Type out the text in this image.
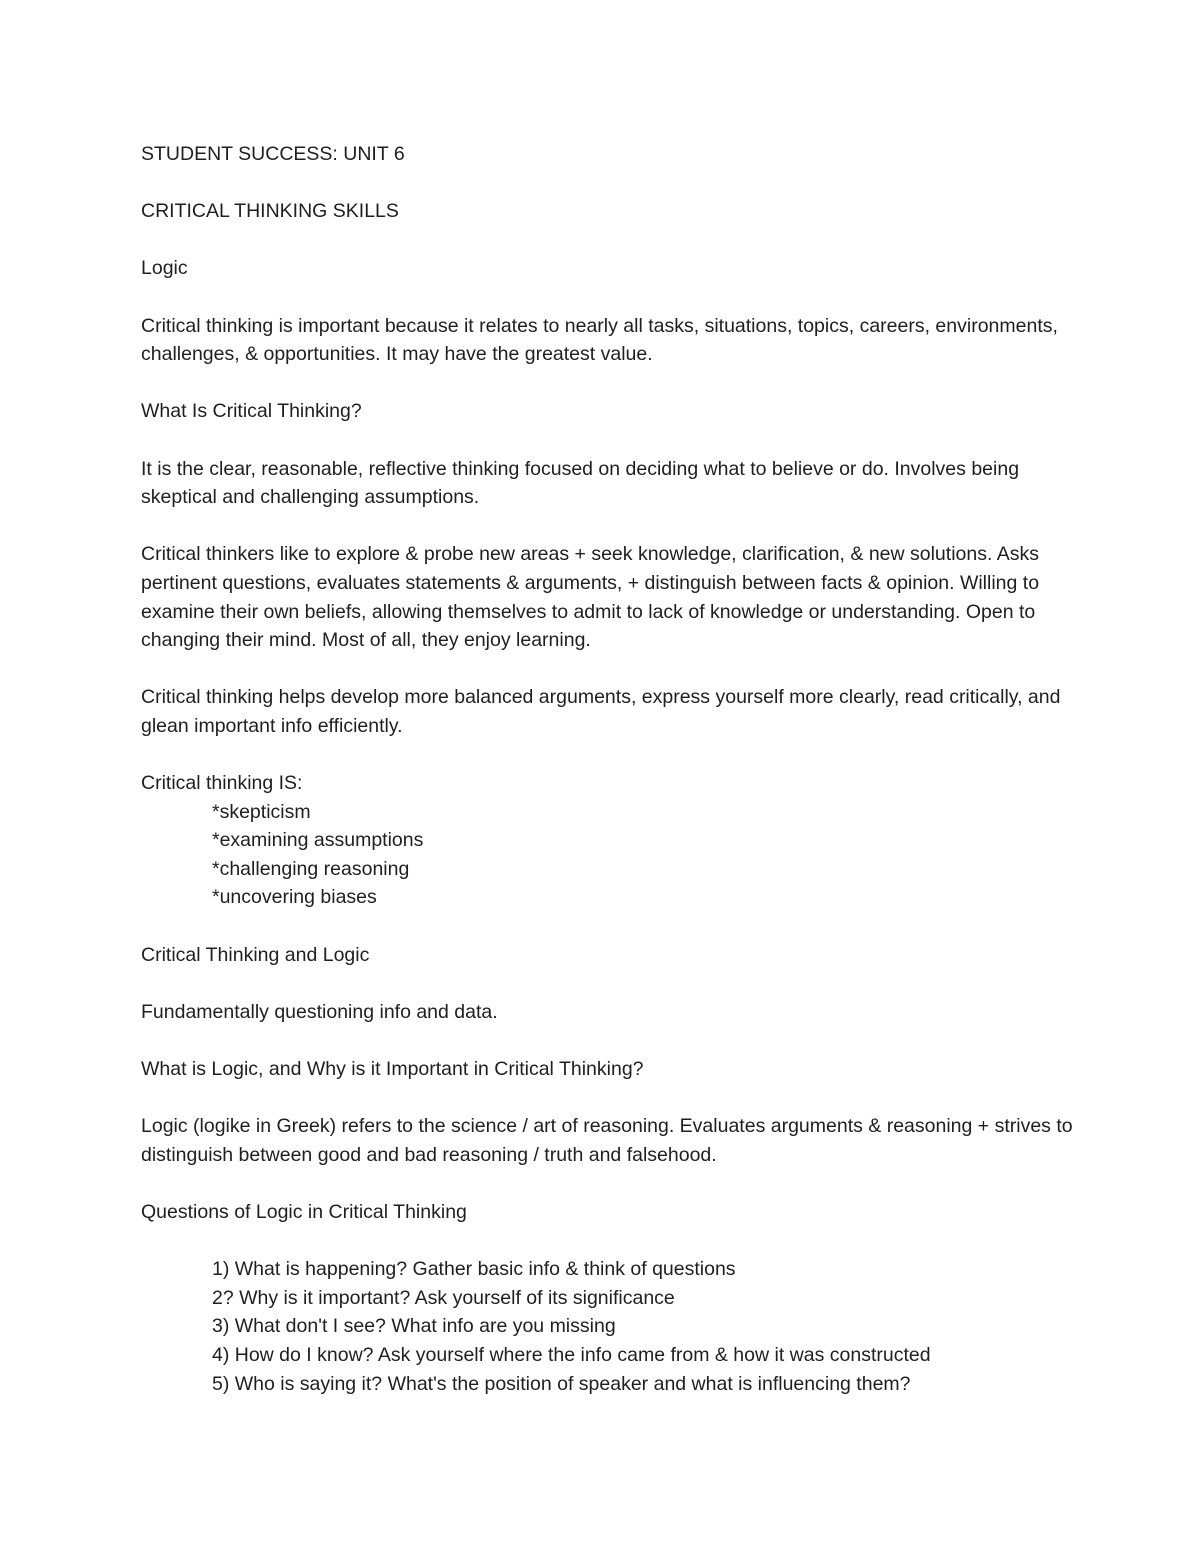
STUDENT SUCCESS: UNIT 6

CRITICAL THINKING SKILLS

Logic

Critical thinking is important because it relates to nearly all tasks, situations, topics, careers, environments, challenges, & opportunities. It may have the greatest value.

What Is Critical Thinking?

It is the clear, reasonable, reflective thinking focused on deciding what to believe or do. Involves being skeptical and challenging assumptions.

Critical thinkers like to explore & probe new areas + seek knowledge, clarification, & new solutions. Asks pertinent questions, evaluates statements & arguments, + distinguish between facts & opinion. Willing to examine their own beliefs, allowing themselves to admit to lack of knowledge or understanding. Open to changing their mind. Most of all, they enjoy learning.

Critical thinking helps develop more balanced arguments, express yourself more clearly, read critically, and glean important info efficiently.

Critical thinking IS:

*skepticism
*examining assumptions
*challenging reasoning
*uncovering biases

Critical Thinking and Logic

Fundamentally questioning info and data.

What is Logic, and Why is it Important in Critical Thinking?

Logic (logike in Greek) refers to the science / art of reasoning. Evaluates arguments & reasoning + strives to distinguish between good and bad reasoning / truth and falsehood.

Questions of Logic in Critical Thinking

1) What is happening? Gather basic info & think of questions
2? Why is it important? Ask yourself of its significance
3) What don't I see? What info are you missing
4) How do I know? Ask yourself where the info came from & how it was constructed
5) Who is saying it? What's the position of speaker and what is influencing them?
